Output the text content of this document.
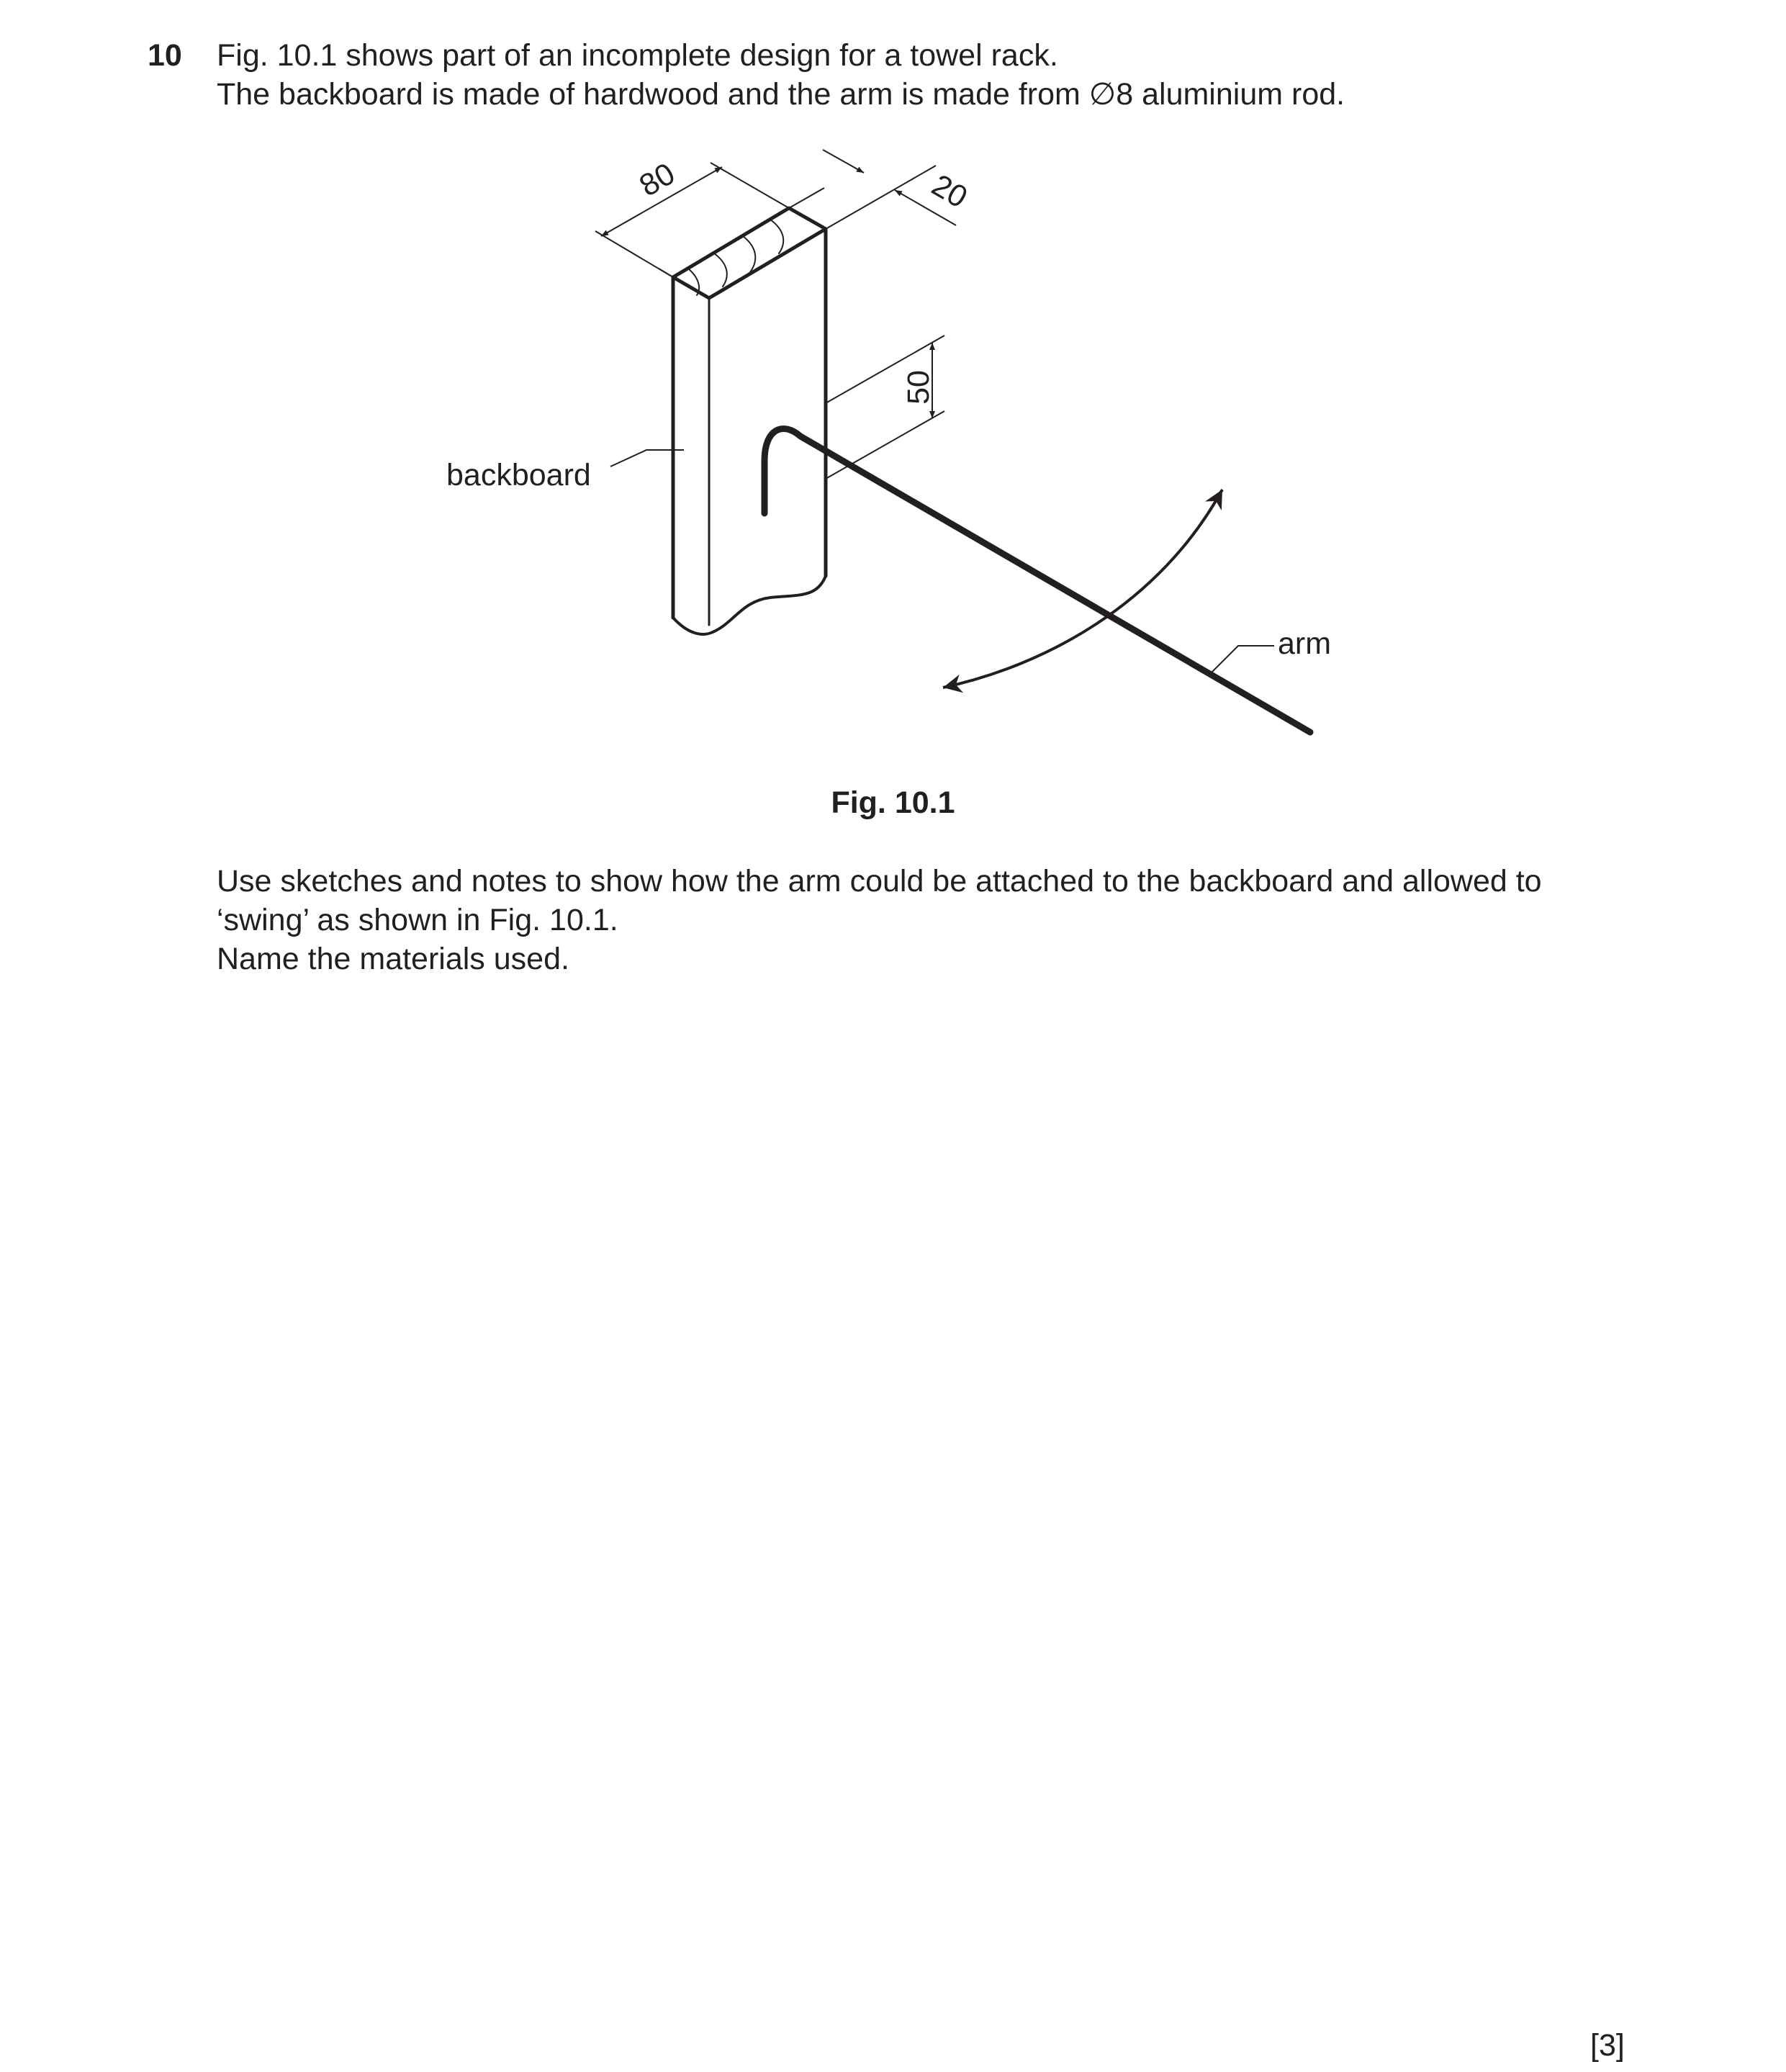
10 Fig. 10.1 shows part of an incomplete design for a towel rack.
The backboard is made of hardwood and the arm is made from ∅8 aluminium rod.
80	20
50
backboard
arm
Fig. 10.1
Use sketches and notes to show how the arm could be attached to the backboard and allowed to
‘swing’ as shown in Fig. 10.1.
Name the materials used.
[3]
